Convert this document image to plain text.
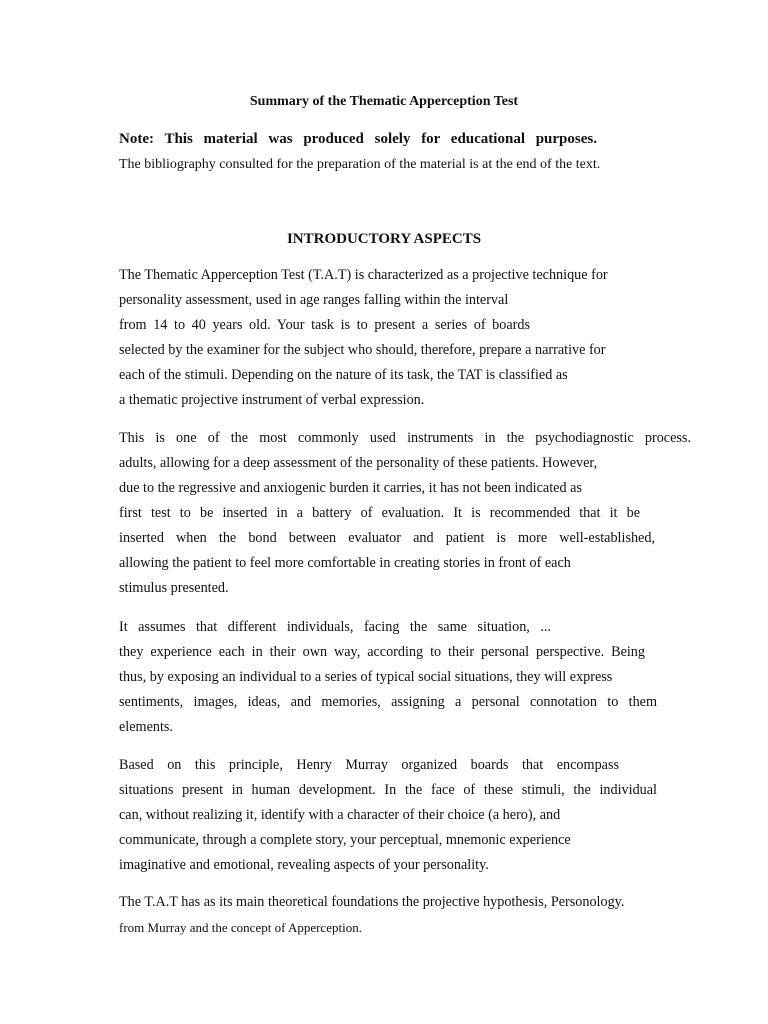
Summary of the Thematic Apperception Test

Note: This material was produced solely for educational purposes.

The bibliography consulted for the preparation of the material is at the end of the text.

INTRODUCTORY ASPECTS
The Thematic Apperception Test (T.A.T) is characterized as a projective technique for
personality assessment, used in age ranges falling within the interval
from 14 to 40 years old. Your task is to present a series of boards
selected by the examiner for the subject who should, therefore, prepare a narrative for
each of the stimuli. Depending on the nature of its task, the TAT is classified as
a thematic projective instrument of verbal expression.
This is one of the most commonly used instruments in the psychodiagnostic process.
adults, allowing for a deep assessment of the personality of these patients. However,
due to the regressive and anxiogenic burden it carries, it has not been indicated as
first test to be inserted in a battery of evaluation. It is recommended that it be
inserted when the bond between evaluator and patient is more well-established,
allowing the patient to feel more comfortable in creating stories in front of each
stimulus presented.
It assumes that different individuals, facing the same situation, ...
they experience each in their own way, according to their personal perspective. Being
thus, by exposing an individual to a series of typical social situations, they will express
sentiments, images, ideas, and memories, assigning a personal connotation to them
elements.
Based on this principle, Henry Murray organized boards that encompass
situations present in human development. In the face of these stimuli, the individual
can, without realizing it, identify with a character of their choice (a hero), and
communicate, through a complete story, your perceptual, mnemonic experience
imaginative and emotional, revealing aspects of your personality.
The T.A.T has as its main theoretical foundations the projective hypothesis, Personology.
from Murray and the concept of Apperception.
